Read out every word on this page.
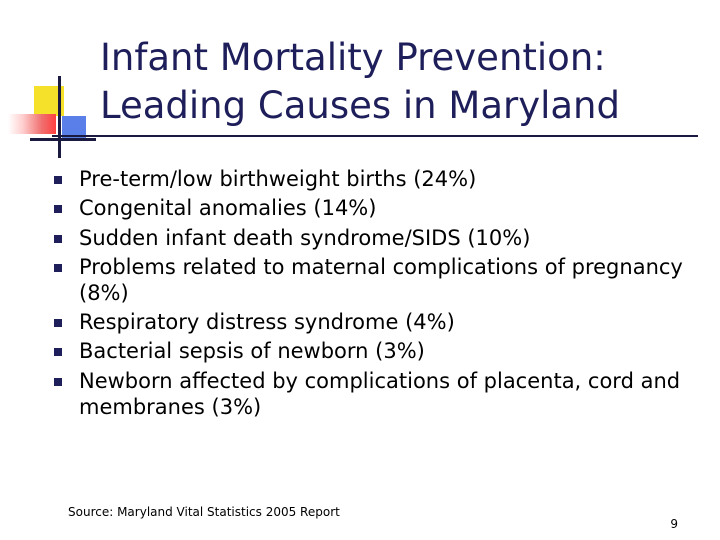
Infant Mortality Prevention:
Leading Causes in Maryland
Pre-term/low birthweight births (24%)
Congenital anomalies (14%)
Sudden infant death syndrome/SIDS (10%)
Problems related to maternal complications of pregnancy (8%)
Respiratory distress syndrome (4%)
Bacterial sepsis of newborn (3%)
Newborn affected by complications of placenta, cord and membranes (3%)
Source: Maryland Vital Statistics 2005 Report
9
